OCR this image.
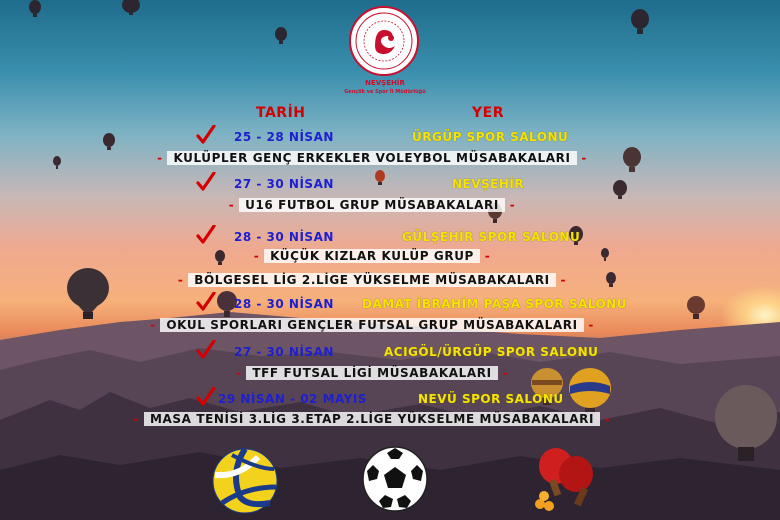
NEVŞEHİR
Gençlik ve Spor İl Müdürlüğü
TARİH	YER
25 - 28 NİSAN	ÜRGÜP SPOR SALONU
- KULÜPLER GENÇ ERKEKLER VOLEYBOL MÜSABAKALARI -
27 - 30 NİSAN	NEVŞEHİR
- U16 FUTBOL GRUP MÜSABAKALARI -
28 - 30 NİSAN	GÜLŞEHİR SPOR SALONU
- KÜÇÜK KIZLAR KULÜP GRUP -
- BÖLGESEL LİG 2.LİGE YÜKSELME MÜSABAKALARI -
28 - 30 NİSAN DAMAT İBRAHİM PAŞA SPOR SALONU
- OKUL SPORLARI GENÇLER FUTSAL GRUP MÜSABAKALARI -
27 - 30 NİSAN	ACIGÖL/ÜRGÜP SPOR SALONU
- TFF FUTSAL LİGİ MÜSABAKALARI -
29 NİSAN - 02 MAYIS	NEVÜ SPOR SALONU
- MASA TENİSİ 3.LİG 3.ETAP 2.LİGE YÜKSELME MÜSABAKALARI -
